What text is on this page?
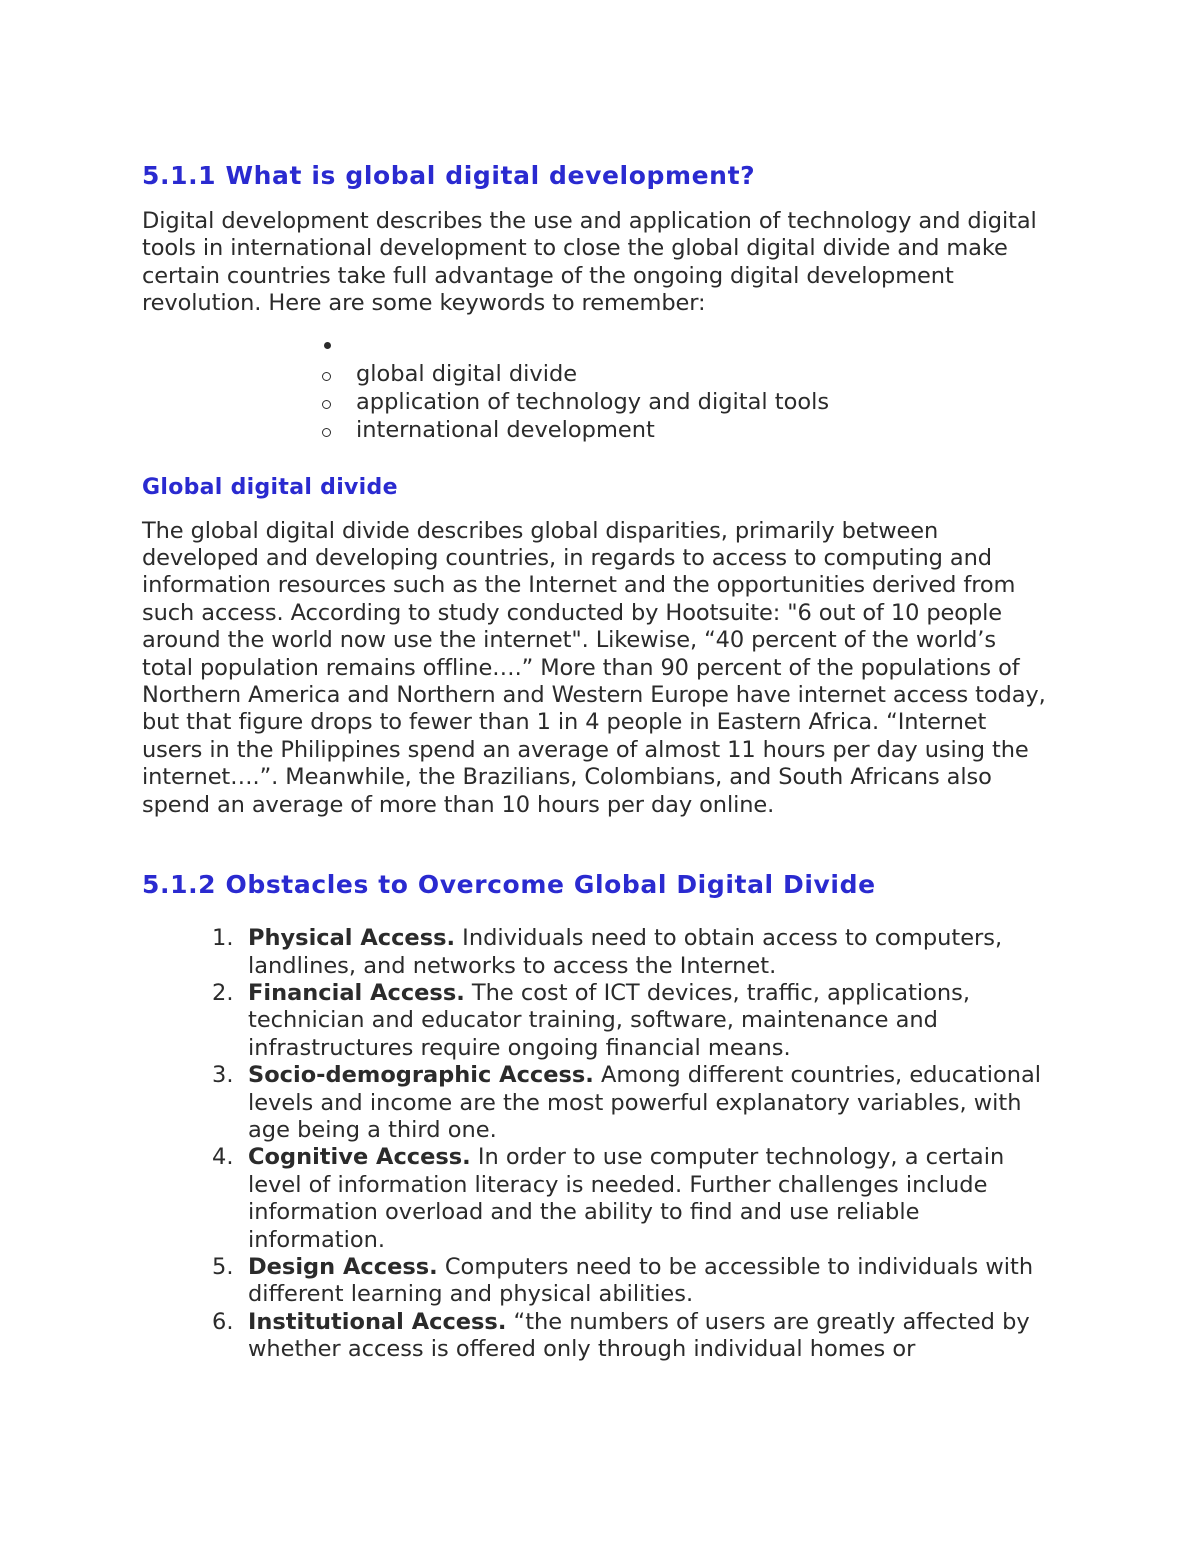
5.1.1 What is global digital development?

Digital development describes the use and application of technology and digital tools in international development to close the global digital divide and make certain countries take full advantage of the ongoing digital development revolution. Here are some keywords to remember:

global digital divide
application of technology and digital tools
international development
Global digital divide

The global digital divide describes global disparities, primarily between developed and developing countries, in regards to access to computing and information resources such as the Internet and the opportunities derived from such access. According to study conducted by Hootsuite: "6 out of 10 people around the world now use the internet". Likewise, “40 percent of the world’s total population remains offline….” More than 90 percent of the populations of Northern America and Northern and Western Europe have internet access today, but that figure drops to fewer than 1 in 4 people in Eastern Africa. “Internet users in the Philippines spend an average of almost 11 hours per day using the internet….”. Meanwhile, the Brazilians, Colombians, and South Africans also spend an average of more than 10 hours per day online.

5.1.2 Obstacles to Overcome Global Digital Divide
1. Physical Access. Individuals need to obtain access to computers, landlines, and networks to access the Internet.
2. Financial Access. The cost of ICT devices, traffic, applications, technician and educator training, software, maintenance and infrastructures require ongoing financial means.
3. Socio-demographic Access. Among different countries, educational levels and income are the most powerful explanatory variables, with age being a third one.
4. Cognitive Access. In order to use computer technology, a certain level of information literacy is needed. Further challenges include information overload and the ability to find and use reliable information.
5. Design Access. Computers need to be accessible to individuals with different learning and physical abilities.
6. Institutional Access. “the numbers of users are greatly affected by whether access is offered only through individual homes or
